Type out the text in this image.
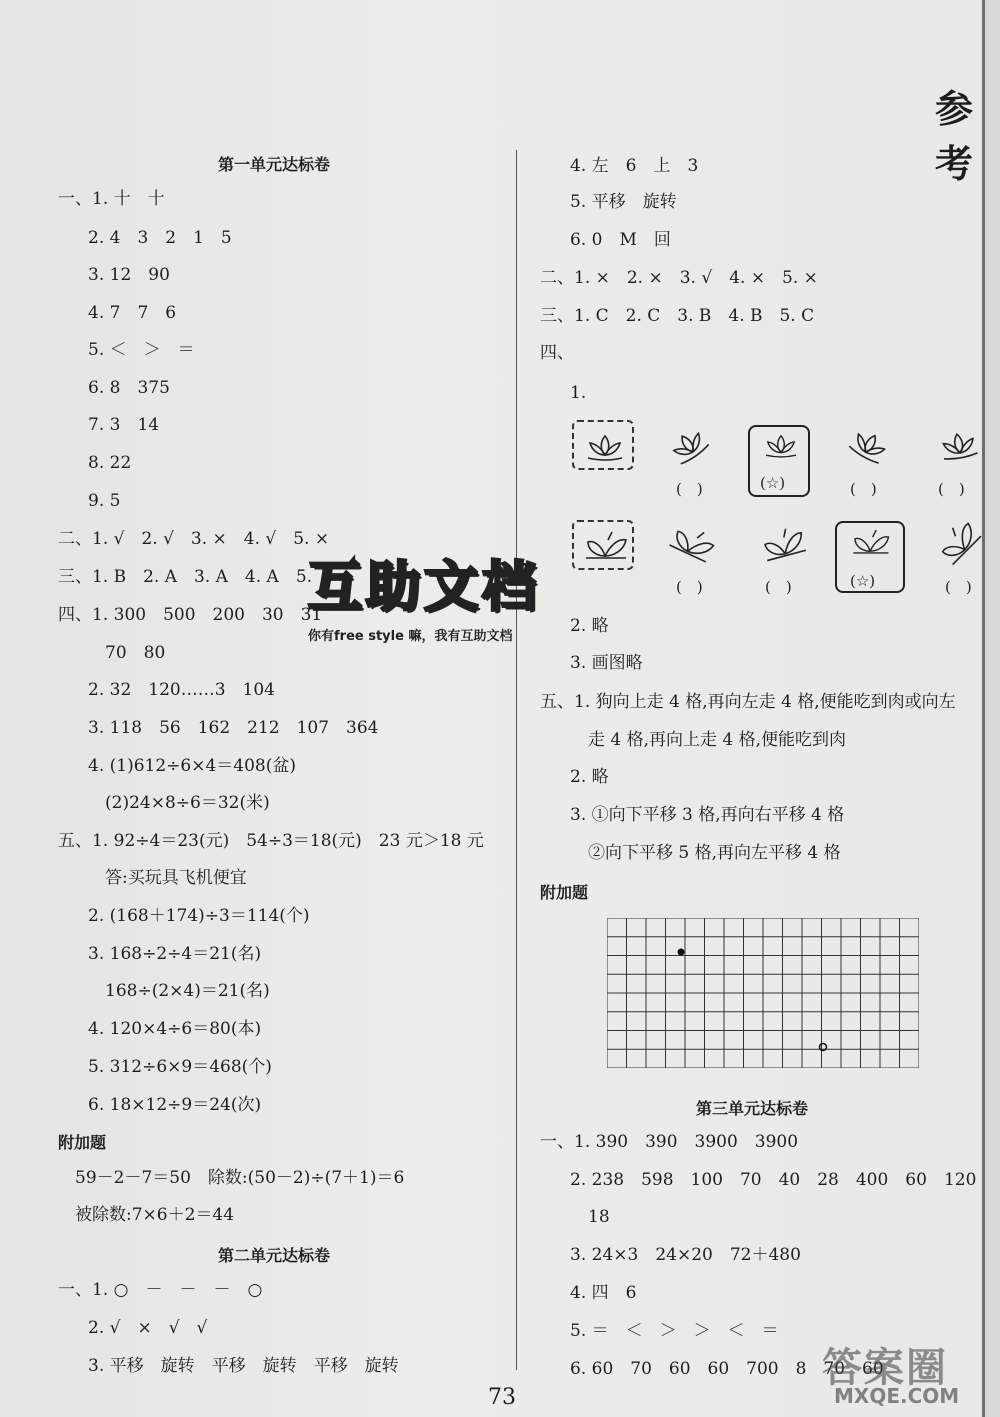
参考
第一单元达标卷
一、1. 十　十
2. 4　3　2　1　5
3. 12　90
4. 7　7　6
5. ＜　＞　＝
6. 8　375
7. 3　14
8. 22
9. 5
二、1. √　2. √　3. ×　4. √　5. ×
三、1. B　2. A　3. A　4. A　5.
四、1. 300　500　200　30　31
70　80
2. 32　120……3　104
3. 118　56　162　212　107　364
4. (1)612÷6×4＝408(盆)
(2)24×8÷6＝32(米)
五、1. 92÷4＝23(元)　54÷3＝18(元)　23 元＞18 元
答:买玩具飞机便宜
2. (168＋174)÷3＝114(个)
3. 168÷2÷4＝21(名)
168÷(2×4)＝21(名)
4. 120×4÷6＝80(本)
5. 312÷6×9＝468(个)
6. 18×12÷9＝24(次)
附加题
59－2－7＝50　除数:(50－2)÷(7＋1)＝6
被除数:7×6＋2＝44
第二单元达标卷
一、1. ○　－　－　－　○
2. √　×　√　√
3. 平移　旋转　平移　旋转　平移　旋转
4. 左　6　上　3
5. 平移　旋转
6. 0　M　回
二、1. ×　2. ×　3. √　4. ×　5. ×
三、1. C　2. C　3. B　4. B　5. C
四、
1.
(☆)
(　)	(　)	(　)
(☆)
(　)	(　)	(　)
2. 略
3. 画图略
五、1. 狗向上走 4 格,再向左走 4 格,便能吃到肉或向左
走 4 格,再向上走 4 格,便能吃到肉
2. 略
3. ①向下平移 3 格,再向右平移 4 格
②向下平移 5 格,再向左平移 4 格
附加题
第三单元达标卷
一、1. 390　390　3900　3900
2. 238　598　100　70　40　28　400　60　120
18
3. 24×3　24×20　72＋480
4. 四　6
5. ＝　＜　＞　＞　＜　＝
6. 60　70　60　60　700　8　70　60
73
互助文档
你有free style 嘛，我有互助文档
答案圈
MXQE.COM
